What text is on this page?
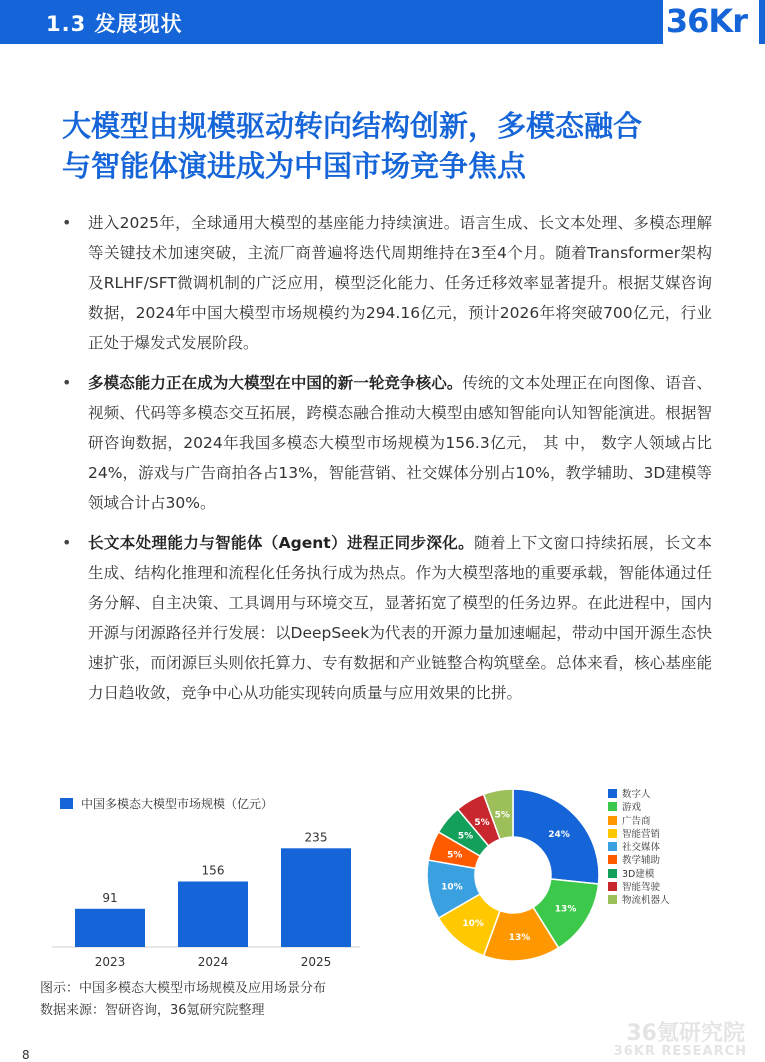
1.3 发展现状	36Kr
大模型由规模驱动转向结构创新，多模态融合
与智能体演进成为中国市场竞争焦点
• 进入2025年，全球通用大模型的基座能力持续演进。语言生成、长文本处理、多模态理解等关键技术加速突破，主流厂商普遍将迭代周期维持在3至4个月。随着Transformer架构及RLHF/SFT微调机制的广泛应用，模型泛化能力、任务迁移效率显著提升。根据艾媒咨询数据，2024年中国大模型市场规模约为294.16亿元，预计2026年将突破700亿元，行业正处于爆发式发展阶段。
• 多模态能力正在成为大模型在中国的新一轮竞争核心。传统的文本处理正在向图像、语音、视频、代码等多模态交互拓展，跨模态融合推动大模型由感知智能向认知智能演进。根据智研咨询数据，2024年我国多模态大模型市场规模为156.3亿元， 其 中， 数字人领域占比24%，游戏与广告商拍各占13%，智能营销、社交媒体分别占10%，教学辅助、3D建模等领域合计占30%。
• 长文本处理能力与智能体（Agent）进程正同步深化。随着上下文窗口持续拓展，长文本生成、结构化推理和流程化任务执行成为热点。作为大模型落地的重要承载，智能体通过任务分解、自主决策、工具调用与环境交互，显著拓宽了模型的任务边界。在此进程中，国内开源与闭源路径并行发展：以DeepSeek为代表的开源力量加速崛起，带动中国开源生态快速扩张，而闭源巨头则依托算力、专有数据和产业链整合构筑壁垒。总体来看，核心基座能力日趋收敛，竞争中心从功能实现转向质量与应用效果的比拼。
中国多模态大模型市场规模（亿元）
91
2023
156
2024
235
2025
24%
13%
13%
10%
10%
5%
5%
5%
5%
数字人
游戏
广告商
智能营销
社交媒体
教学辅助
3D建模
智能驾驶
物流机器人
图示：中国多模态大模型市场规模及应用场景分布
数据来源：智研咨询，36氪研究院整理
36氪研究院
36KR RESEARCH
8
